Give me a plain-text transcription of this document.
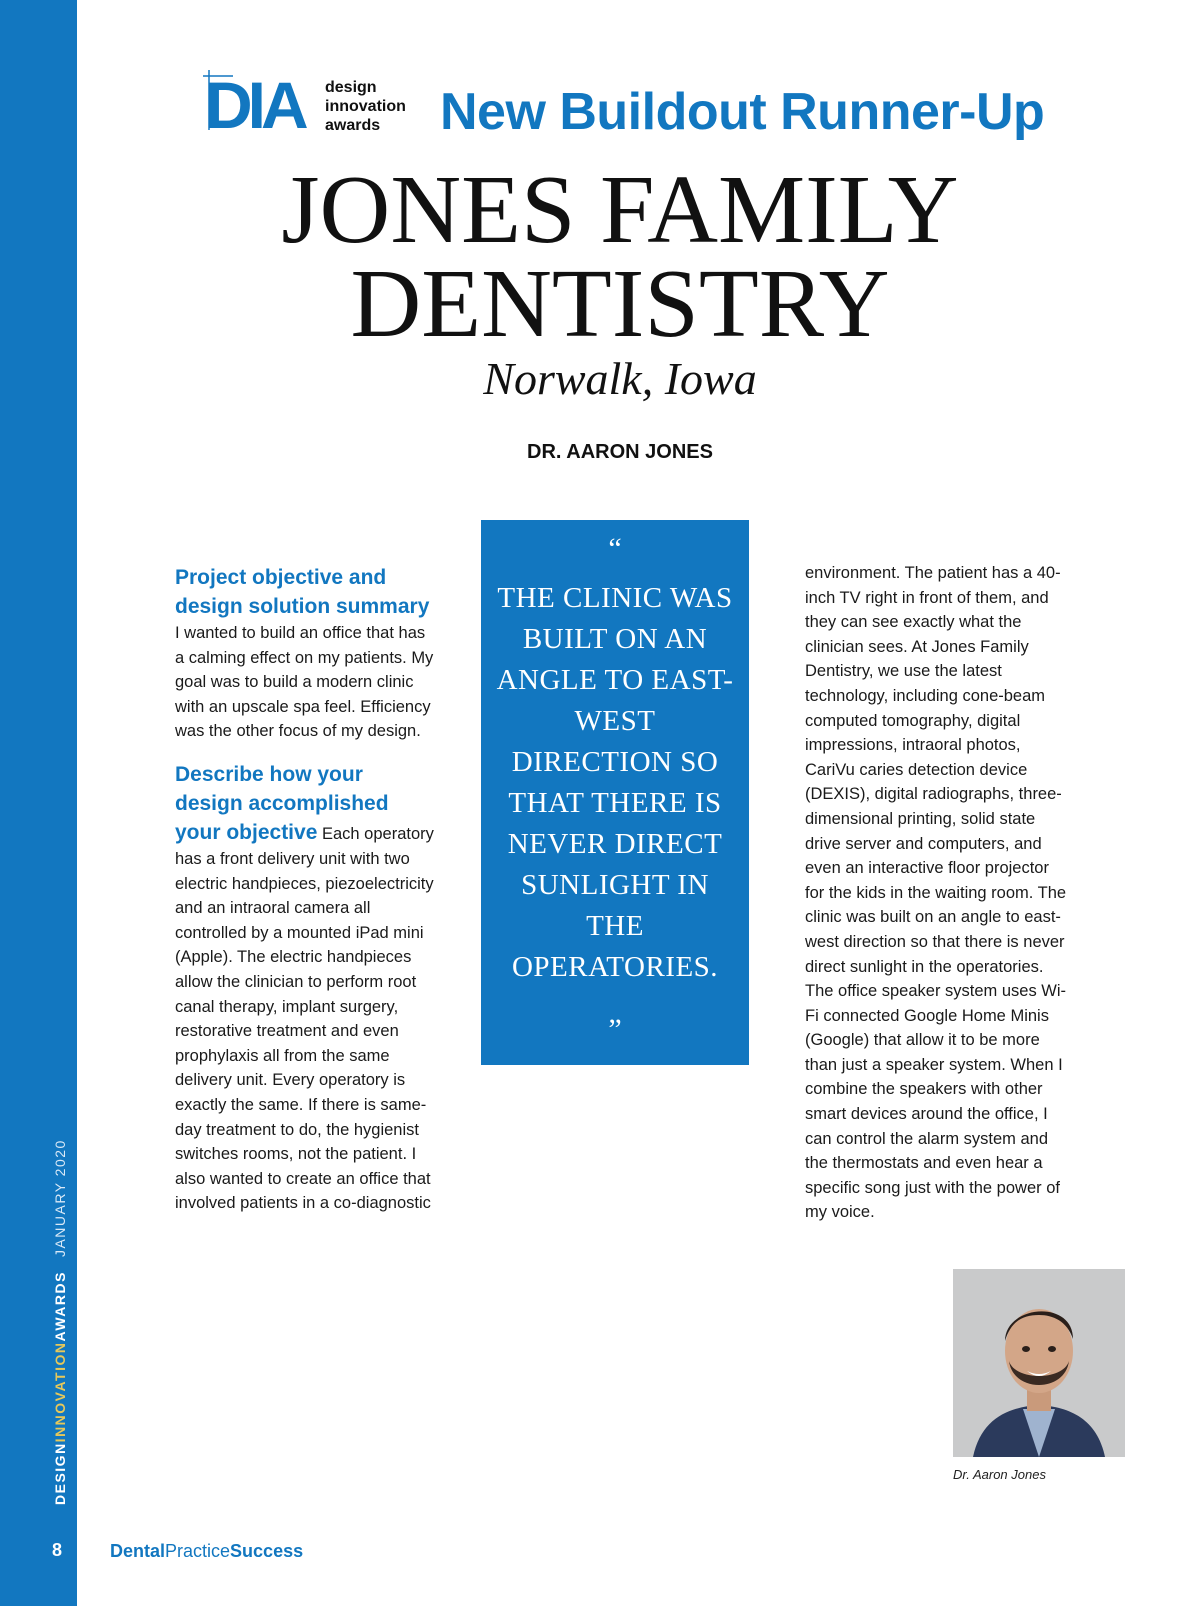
DESIGNINNOVATIONAWARDSJANUARY 2020
8	DentalPracticeSuccess
DIA design
innovation
awards	New Buildout Runner-Up
JONES FAMILY
DENTISTRY
Norwalk, Iowa
DR. AARON JONES

Project objective and design solution summary I wanted to build an office that has a calming effect on my patients. My goal was to build a modern clinic with an upscale spa feel. Efficiency was the other focus of my design.

Describe how your design accomplished your objective Each operatory has a front delivery unit with two electric handpieces, piezoelectricity and an intraoral camera all controlled by a mounted iPad mini (Apple). The electric handpieces allow the clinician to perform root canal therapy, implant surgery, restorative treatment and even prophylaxis all from the same delivery unit. Every operatory is exactly the same. If there is same-day treatment to do, the hygienist switches rooms, not the patient. I also wanted to create an office that involved patients in a co-diagnostic

“
THE CLINIC WAS BUILT ON AN ANGLE TO EAST-WEST DIRECTION SO THAT THERE IS NEVER DIRECT SUNLIGHT IN THE OPERATORIES.
”

environment. The patient has a 40-inch TV right in front of them, and they can see exactly what the clinician sees. At Jones Family Dentistry, we use the latest technology, including cone-beam computed tomography, digital impressions, intraoral photos, CariVu caries detection device (DEXIS), digital radiographs, three-dimensional printing, solid state drive server and computers, and even an interactive floor projector for the kids in the waiting room. The clinic was built on an angle to east-west direction so that there is never direct sunlight in the operatories. The office speaker system uses Wi-Fi connected Google Home Minis (Google) that allow it to be more than just a speaker system. When I combine the speakers with other smart devices around the office, I can control the alarm system and the thermostats and even hear a specific song just with the power of my voice.

Dr. Aaron Jones
